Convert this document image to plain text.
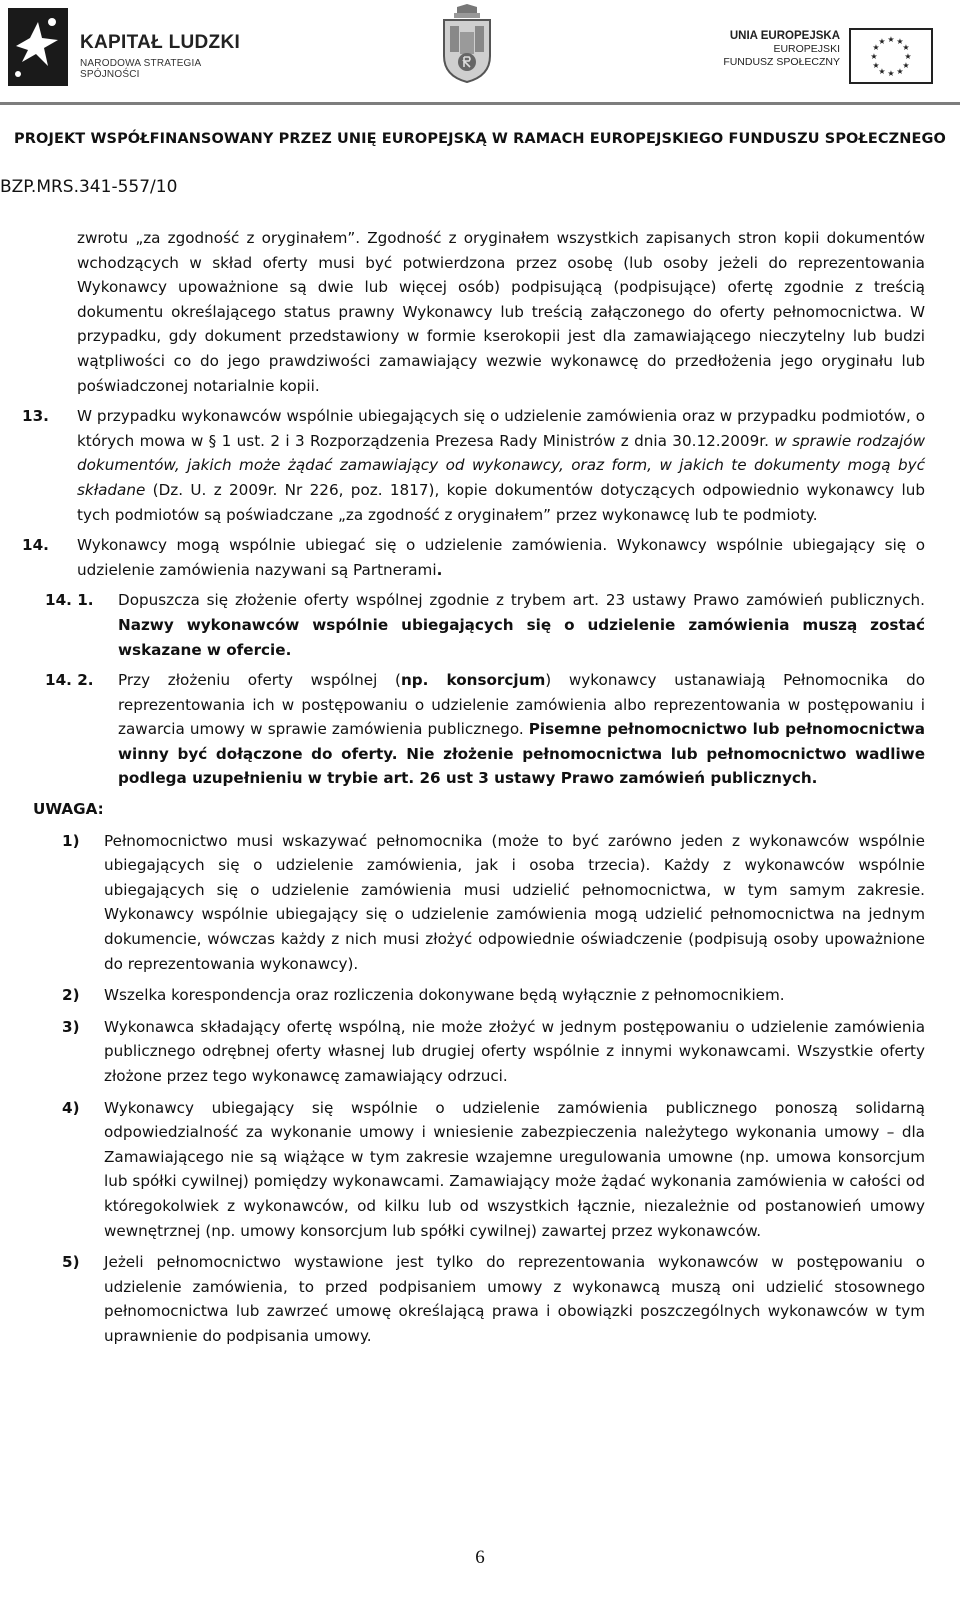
KAPITAŁ LUDZKI
NARODOWA STRATEGIA SPÓJNOŚCI
UNIA EUROPEJSKA
EUROPEJSKI
FUNDUSZ SPOŁECZNY
★ ★
★
★
★
★
★
★
★
★
★
★
PROJEKT WSPÓŁFINANSOWANY PRZEZ UNIĘ EUROPEJSKĄ W RAMACH EUROPEJSKIEGO FUNDUSZU SPOŁECZNEGO
BZP.MRS.341-557/10
zwrotu „za zgodność z oryginałem”. Zgodność z oryginałem wszystkich zapisanych stron kopii dokumentów wchodzących w skład oferty musi być potwierdzona przez osobę (lub osoby jeżeli do reprezentowania Wykonawcy upoważnione są dwie lub więcej osób) podpisującą (podpisujące) ofertę zgodnie z treścią dokumentu określającego status prawny Wykonawcy lub treścią załączonego do oferty pełnomocnictwa. W przypadku, gdy dokument przedstawiony w formie kserokopii jest dla zamawiającego nieczytelny lub budzi wątpliwości co do jego prawdziwości zamawiający wezwie wykonawcę do przedłożenia jego oryginału lub poświadczonej notarialnie kopii.
13.	W przypadku wykonawców wspólnie ubiegających się o udzielenie zamówienia oraz w przypadku podmiotów, o których mowa w § 1 ust. 2 i 3 Rozporządzenia Prezesa Rady Ministrów z dnia 30.12.2009r. w sprawie rodzajów dokumentów, jakich może żądać zamawiający od wykonawcy, oraz form, w jakich te dokumenty mogą być składane (Dz. U. z 2009r. Nr 226, poz. 1817), kopie dokumentów dotyczących odpowiednio wykonawcy lub tych podmiotów są poświadczane „za zgodność z oryginałem” przez wykonawcę lub te podmioty.
14.	Wykonawcy mogą wspólnie ubiegać się o udzielenie zamówienia. Wykonawcy wspólnie ubiegający się o udzielenie zamówienia nazywani są Partnerami.
14. 1.	Dopuszcza się złożenie oferty wspólnej zgodnie z trybem art. 23 ustawy Prawo zamówień publicznych. Nazwy wykonawców wspólnie ubiegających się o udzielenie zamówienia muszą zostać wskazane w ofercie.
14. 2.	Przy złożeniu oferty wspólnej (np. konsorcjum) wykonawcy ustanawiają Pełnomocnika do reprezentowania ich w postępowaniu o udzielenie zamówienia albo reprezentowania w postępowaniu i zawarcia umowy w sprawie zamówienia publicznego. Pisemne pełnomocnictwo lub pełnomocnictwa winny być dołączone do oferty. Nie złożenie pełnomocnictwa lub pełnomocnictwo wadliwe podlega uzupełnieniu w trybie art. 26 ust 3 ustawy Prawo zamówień publicznych.
UWAGA:
1)	Pełnomocnictwo musi wskazywać pełnomocnika (może to być zarówno jeden z wykonawców wspólnie ubiegających się o udzielenie zamówienia, jak i osoba trzecia). Każdy z wykonawców wspólnie ubiegających się o udzielenie zamówienia musi udzielić pełnomocnictwa, w tym samym zakresie. Wykonawcy wspólnie ubiegający się o udzielenie zamówienia mogą udzielić pełnomocnictwa na jednym dokumencie, wówczas każdy z nich musi złożyć odpowiednie oświadczenie (podpisują osoby upoważnione do reprezentowania wykonawcy).
2)	Wszelka korespondencja oraz rozliczenia dokonywane będą wyłącznie z pełnomocnikiem.
3)	Wykonawca składający ofertę wspólną, nie może złożyć w jednym postępowaniu o udzielenie zamówienia publicznego odrębnej oferty własnej lub drugiej oferty wspólnie z innymi wykonawcami. Wszystkie oferty złożone przez tego wykonawcę zamawiający odrzuci.
4)	Wykonawcy ubiegający się wspólnie o udzielenie zamówienia publicznego ponoszą solidarną odpowiedzialność za wykonanie umowy i wniesienie zabezpieczenia należytego wykonania umowy – dla Zamawiającego nie są wiążące w tym zakresie wzajemne uregulowania umowne (np. umowa konsorcjum lub spółki cywilnej) pomiędzy wykonawcami. Zamawiający może żądać wykonania zamówienia w całości od któregokolwiek z wykonawców, od kilku lub od wszystkich łącznie, niezależnie od postanowień umowy wewnętrznej (np. umowy konsorcjum lub spółki cywilnej) zawartej przez wykonawców.
5)	Jeżeli pełnomocnictwo wystawione jest tylko do reprezentowania wykonawców w postępowaniu o udzielenie zamówienia, to przed podpisaniem umowy z wykonawcą muszą oni udzielić stosownego pełnomocnictwa lub zawrzeć umowę określającą prawa i obowiązki poszczególnych wykonawców w tym uprawnienie do podpisania umowy.
6
